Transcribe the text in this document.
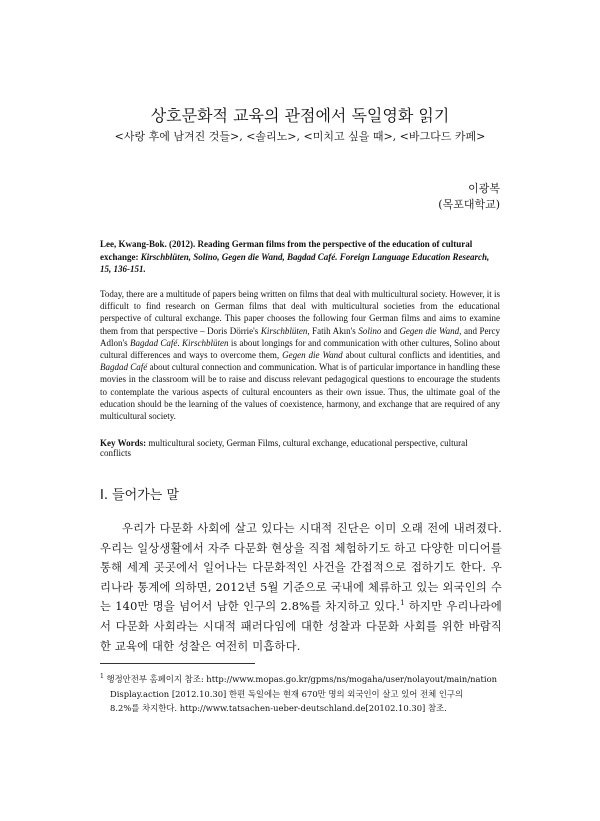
상호문화적 교육의 관점에서 독일영화 읽기
<사랑 후에 남겨진 것들>, <솔리노>, <미치고 싶을 때>, <바그다드 카페>
이광복
(목포대학교)
Lee, Kwang-Bok. (2012). Reading German films from the perspective of the education of cultural exchange: Kirschblüten, Solino, Gegen die Wand, Bagdad Café. Foreign Language Education Research, 15, 136-151.
Today, there are a multitude of papers being written on films that deal with multicultural society. However, it is difficult to find research on German films that deal with multicultural societies from the educational perspective of cultural exchange. This paper chooses the following four German films and aims to examine them from that perspective – Doris Dörrie's Kirschblüten, Fatih Akın's Solino and Gegen die Wand, and Percy Adlon's Bagdad Café. Kirschblüten is about longings for and communication with other cultures, Solino about cultural differences and ways to overcome them, Gegen die Wand about cultural conflicts and identities, and Bagdad Café about cultural connection and communication. What is of particular importance in handling these movies in the classroom will be to raise and discuss relevant pedagogical questions to encourage the students to contemplate the various aspects of cultural encounters as their own issue. Thus, the ultimate goal of the education should be the learning of the values of coexistence, harmony, and exchange that are required of any multicultural society.
Key Words: multicultural society, German Films, cultural exchange, educational perspective, cultural conflicts
Ⅰ. 들어가는 말
우리가 다문화 사회에 살고 있다는 시대적 진단은 이미 오래 전에 내려졌다. 우리는 일상생활에서 자주 다문화 현상을 직접 체험하기도 하고 다양한 미디어를 통해 세계 곳곳에서 일어나는 다문화적인 사건을 간접적으로 접하기도 한다. 우리나라 통계에 의하면, 2012년 5월 기준으로 국내에 체류하고 있는 외국인의 수는 140만 명을 넘어서 남한 인구의 2.8%를 차지하고 있다.$^1$ 하지만 우리나라에서 다문화 사회라는 시대적 패러다임에 대한 성찰과 다문화 사회를 위한 바람직한 교육에 대한 성찰은 여전히 미흡하다.
$^1$ 행정안전부 홈페이지 참조: http://www.mopas.go.kr/gpms/ns/mogaha/user/nolayout/main/nation
Display.action [2012.10.30] 한편 독일에는 현재 670만 명의 외국인이 살고 있어 전체 인구의
8.2%를 차지한다. http://www.tatsachen-ueber-deutschland.de[20102.10.30] 참조.
